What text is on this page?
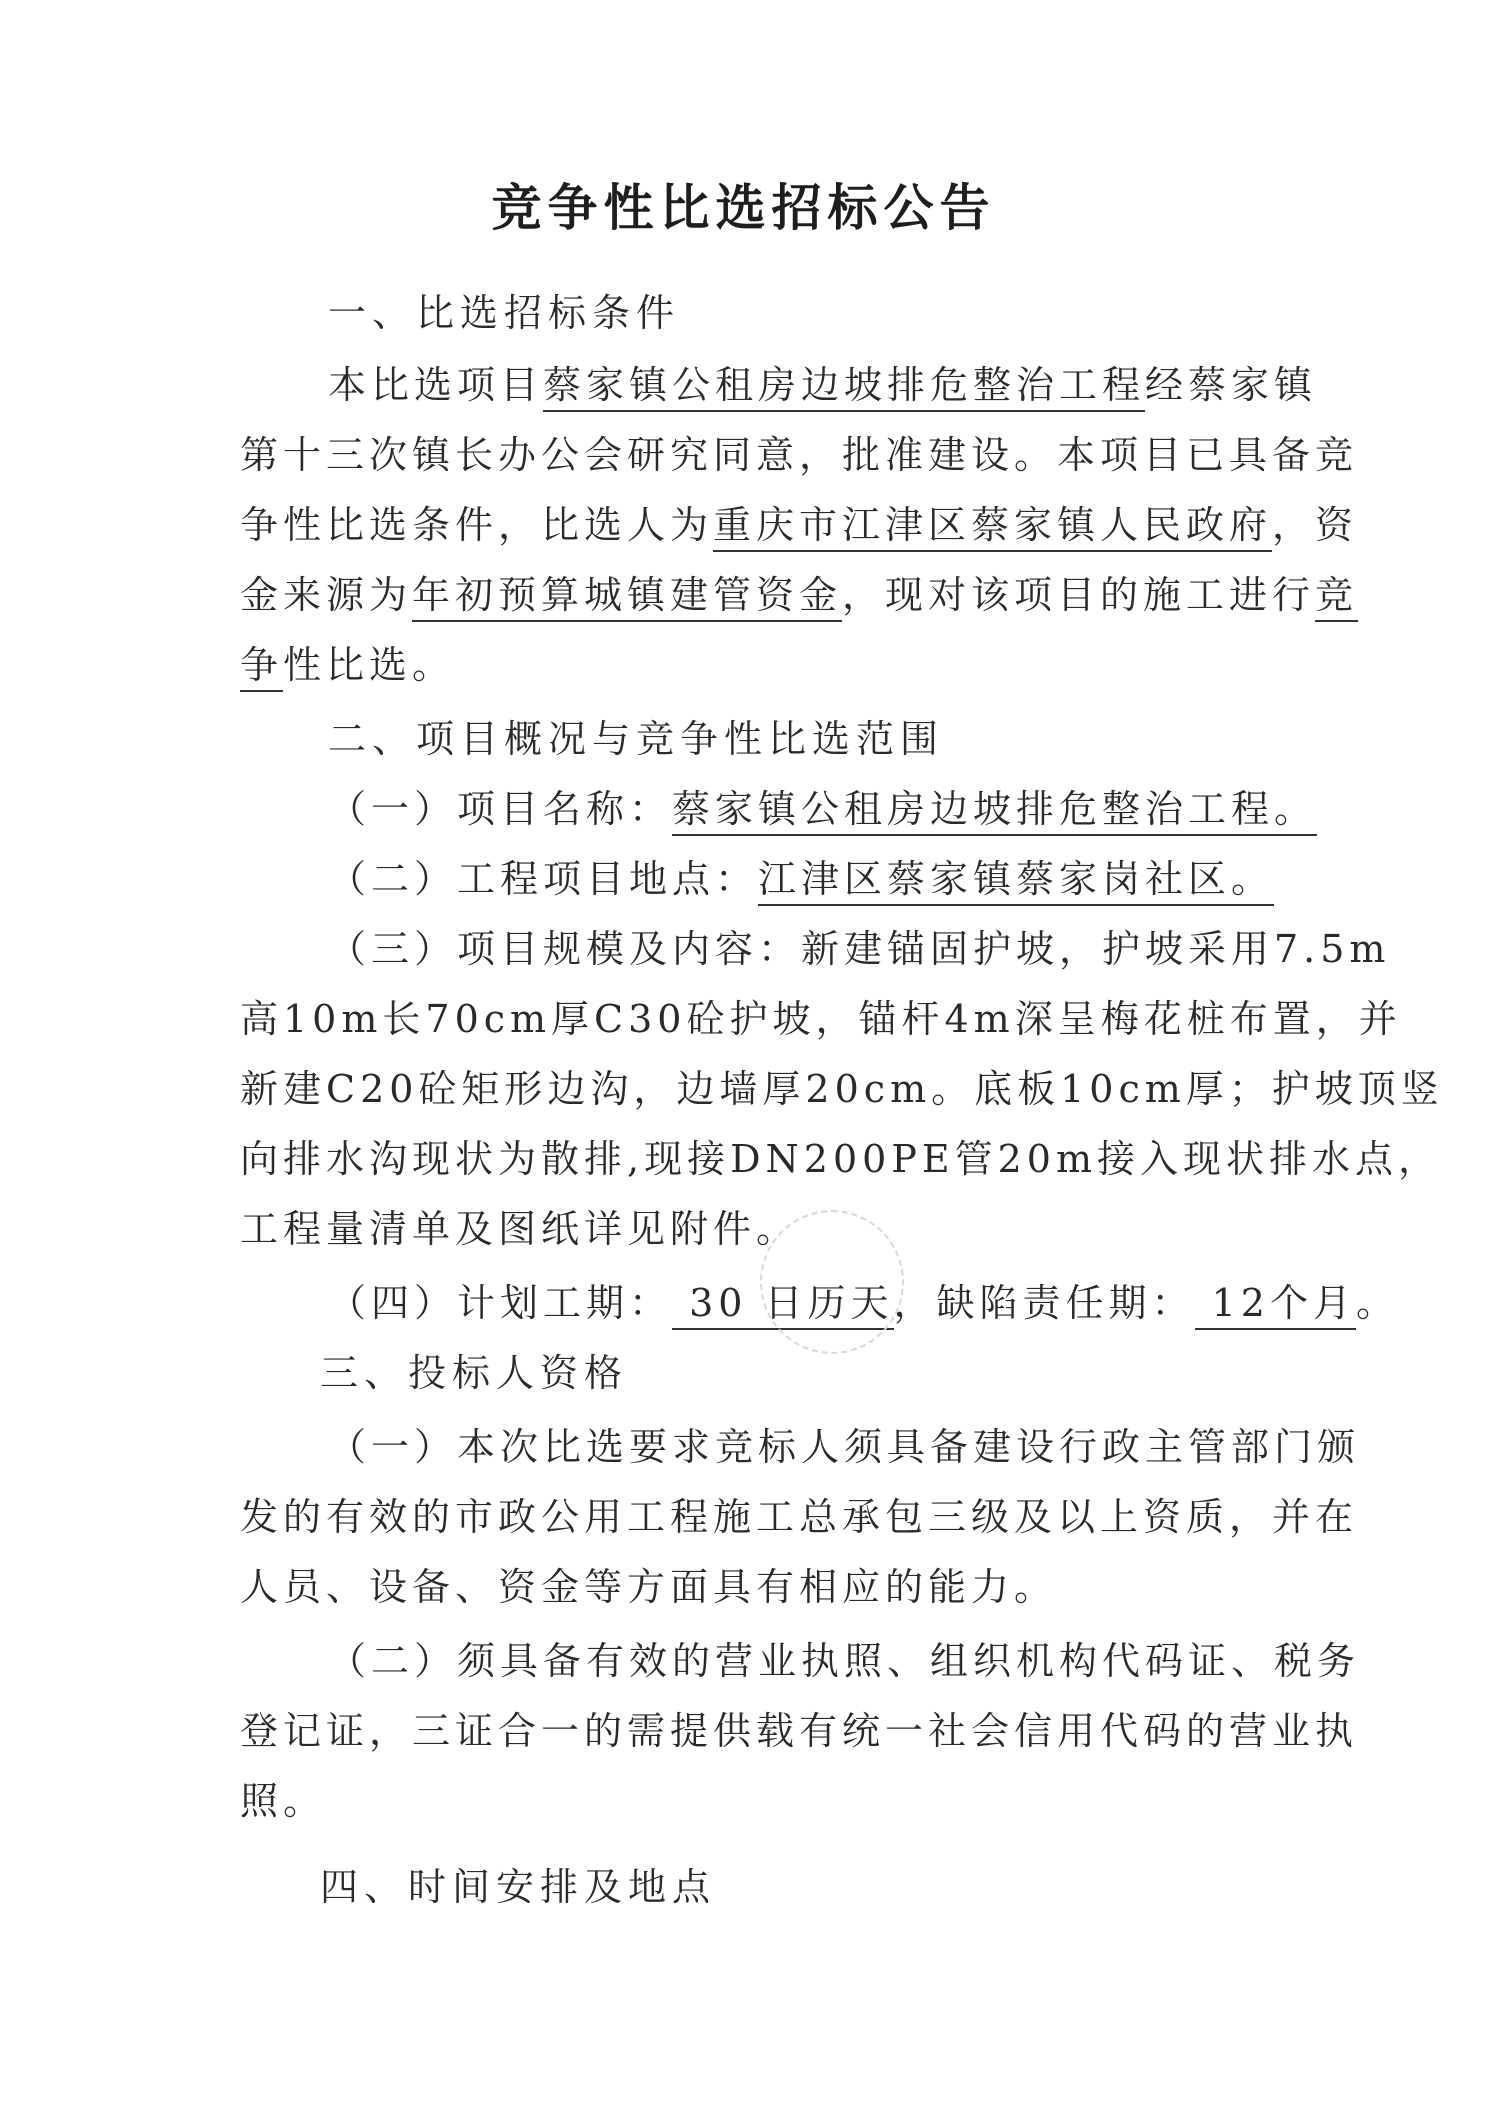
竞争性比选招标公告
一、比选招标条件
本比选项目蔡家镇公租房边坡排危整治工程经蔡家镇
第十三次镇长办公会研究同意，批准建设。本项目已具备竞
争性比选条件，比选人为重庆市江津区蔡家镇人民政府，资
金来源为年初预算城镇建管资金，现对该项目的施工进行竞
争性比选。
二、项目概况与竞争性比选范围
（一）项目名称：蔡家镇公租房边坡排危整治工程。
（二）工程项目地点：江津区蔡家镇蔡家岗社区。
（三）项目规模及内容：新建锚固护坡，护坡采用7.5m
高10m长70cm厚C30砼护坡，锚杆4m深呈梅花桩布置，并
新建C20砼矩形边沟，边墙厚20cm。底板10cm厚；护坡顶竖
向排水沟现状为散排,现接DN200PE管20m接入现状排水点，
工程量清单及图纸详见附件。
（四）计划工期： 30 日历天，缺陷责任期： 12个月。
三、投标人资格
（一）本次比选要求竞标人须具备建设行政主管部门颁
发的有效的市政公用工程施工总承包三级及以上资质，并在
人员、设备、资金等方面具有相应的能力。
（二）须具备有效的营业执照、组织机构代码证、税务
登记证，三证合一的需提供载有统一社会信用代码的营业执
照。
四、时间安排及地点
